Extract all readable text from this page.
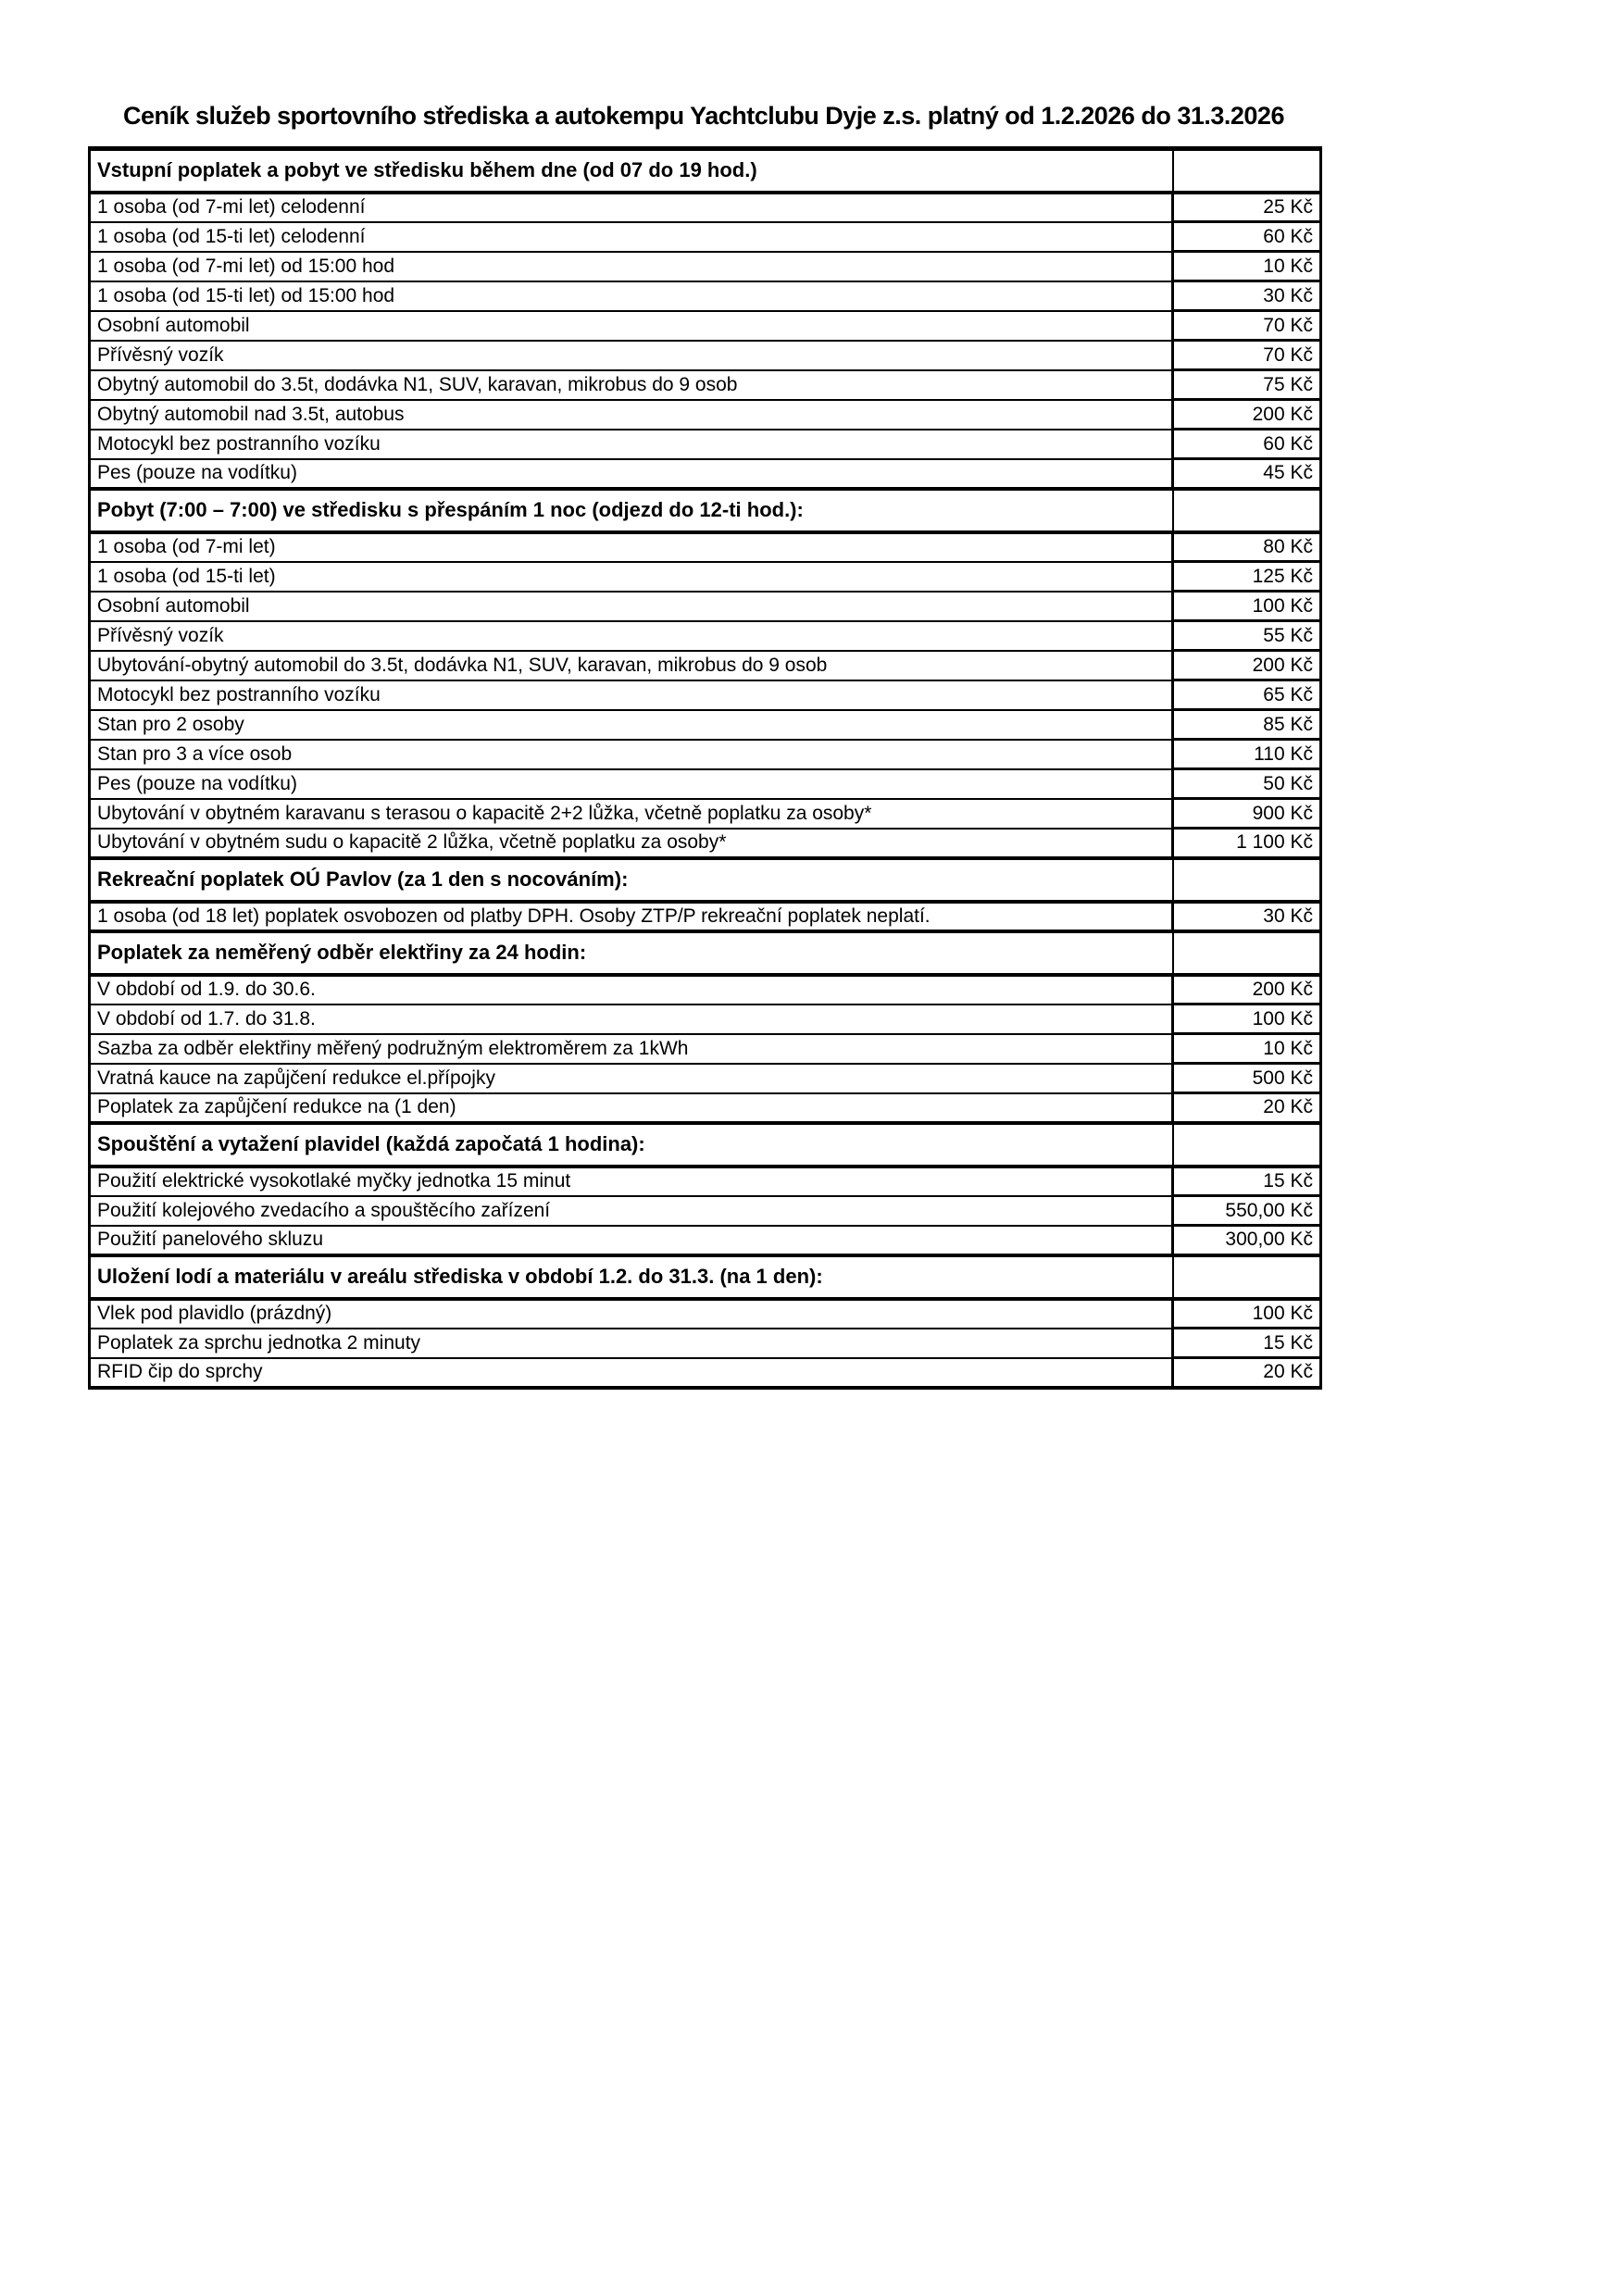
Ceník služeb sportovního střediska a autokempu Yachtclubu Dyje z.s. platný od 1.2.2026 do 31.3.2026
Vstupní poplatek a pobyt ve středisku během dne (od 07 do 19 hod.)	
1 osoba (od 7-mi let) celodenní	25 Kč
1 osoba (od 15-ti let) celodenní	60 Kč
1 osoba (od 7-mi let) od 15:00 hod	10 Kč
1 osoba (od 15-ti let) od 15:00 hod	30 Kč
Osobní automobil	70 Kč
Přívěsný vozík	70 Kč
Obytný automobil do 3.5t, dodávka N1, SUV, karavan, mikrobus do 9 osob	75 Kč
Obytný automobil nad 3.5t, autobus	200 Kč
Motocykl bez postranního vozíku	60 Kč
Pes (pouze na vodítku)	45 Kč
Pobyt (7:00 – 7:00) ve středisku s přespáním 1 noc (odjezd do 12-ti hod.):	
1 osoba (od 7-mi let)	80 Kč
1 osoba (od 15-ti let)	125 Kč
Osobní automobil	100 Kč
Přívěsný vozík	55 Kč
Ubytování-obytný automobil do 3.5t, dodávka N1, SUV, karavan, mikrobus do 9 osob	200 Kč
Motocykl bez postranního vozíku	65 Kč
Stan pro 2 osoby	85 Kč
Stan pro 3 a více osob	110 Kč
Pes (pouze na vodítku)	50 Kč
Ubytování v obytném karavanu s terasou o kapacitě 2+2 lůžka, včetně poplatku za osoby*	900 Kč
Ubytování v obytném sudu o kapacitě 2 lůžka, včetně poplatku za osoby*	1 100 Kč
Rekreační poplatek OÚ Pavlov (za 1 den s nocováním):	
1 osoba (od 18 let) poplatek osvobozen od platby DPH. Osoby ZTP/P rekreační poplatek neplatí.	30 Kč
Poplatek za neměřený odběr elektřiny za 24 hodin:	
V období od 1.9. do 30.6.	200 Kč
V období od 1.7. do 31.8.	100 Kč
Sazba za odběr elektřiny měřený podružným elektroměrem za 1kWh	10 Kč
Vratná kauce na zapůjčení redukce el.přípojky	500 Kč
Poplatek za zapůjčení redukce na (1 den)	20 Kč
Spouštění a vytažení plavidel (každá započatá 1 hodina):	
Použití elektrické vysokotlaké myčky jednotka 15 minut	15 Kč
Použití kolejového zvedacího a spouštěcího zařízení	550,00 Kč
Použití panelového skluzu	300,00 Kč
Uložení lodí a materiálu v areálu střediska v období 1.2. do 31.3. (na 1 den):	
Vlek pod plavidlo (prázdný)	100 Kč
Poplatek za sprchu jednotka 2 minuty	15 Kč
RFID čip do sprchy	20 Kč
